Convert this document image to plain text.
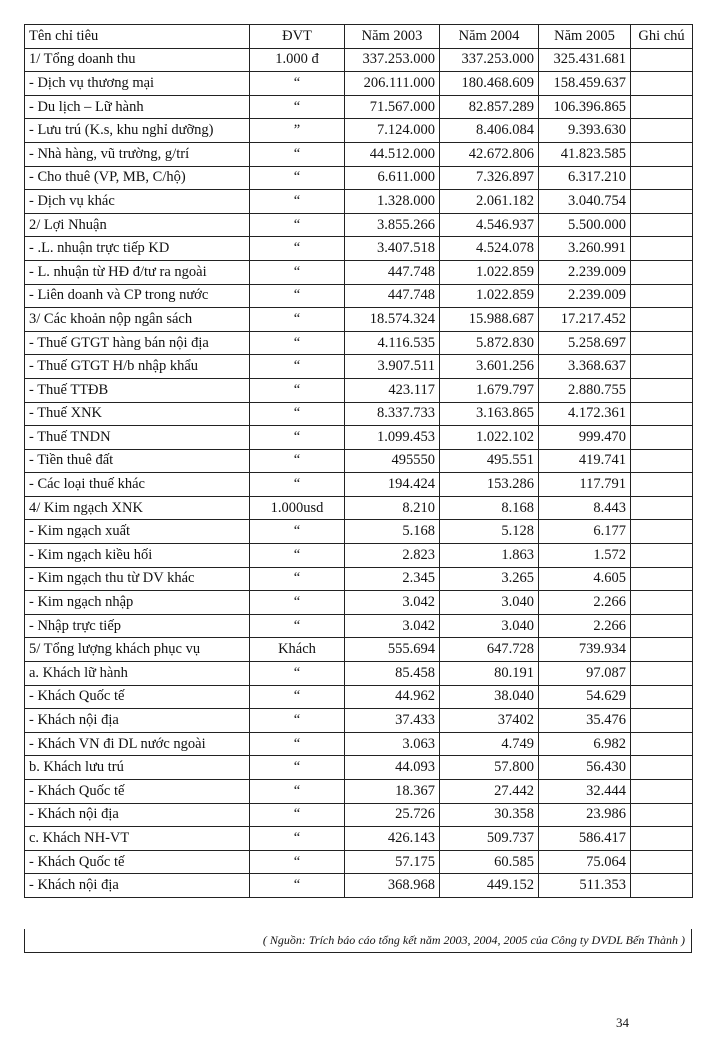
Tên chỉ tiêu	ĐVT	Năm 2003	Năm 2004	Năm 2005	Ghi chú
1/ Tổng doanh thu	1.000 đ	337.253.000	337.253.000	325.431.681	
- Dịch vụ thương mại	“	206.111.000	180.468.609	158.459.637	
- Du lịch – Lữ hành	“	71.567.000	82.857.289	106.396.865	
- Lưu trú (K.s, khu nghỉ dưỡng)	”	7.124.000	8.406.084	9.393.630	
- Nhà hàng, vũ trường, g/trí	“	44.512.000	42.672.806	41.823.585	
- Cho thuê (VP, MB, C/hộ)	“	6.611.000	7.326.897	6.317.210	
- Dịch vụ khác	“	1.328.000	2.061.182	3.040.754	
2/ Lợi Nhuận	“	3.855.266	4.546.937	5.500.000	
- .L. nhuận trực tiếp KD	“	3.407.518	4.524.078	3.260.991	
- L. nhuận từ HĐ đ/tư ra ngoài	“	447.748	1.022.859	2.239.009	
- Liên doanh và CP trong nước	“	447.748	1.022.859	2.239.009	
3/ Các khoản nộp ngân sách	“	18.574.324	15.988.687	17.217.452	
- Thuế GTGT hàng bán nội địa	“	4.116.535	5.872.830	5.258.697	
- Thuế GTGT H/b nhập khẩu	“	3.907.511	3.601.256	3.368.637	
- Thuế TTĐB	“	423.117	1.679.797	2.880.755	
- Thuế XNK	“	8.337.733	3.163.865	4.172.361	
- Thuế TNDN	“	1.099.453	1.022.102	999.470	
- Tiền thuê đất	“	495550	495.551	419.741	
- Các loại thuế khác	“	194.424	153.286	117.791	
4/ Kim ngạch XNK	1.000usd	8.210	8.168	8.443	
- Kim ngạch xuất	“	5.168	5.128	6.177	
- Kim ngạch kiều hối	“	2.823	1.863	1.572	
- Kim ngạch thu từ DV khác	“	2.345	3.265	4.605	
- Kim ngạch nhập	“	3.042	3.040	2.266	
- Nhập trực tiếp	“	3.042	3.040	2.266	
5/ Tổng lượng khách phục vụ	Khách	555.694	647.728	739.934	
a. Khách lữ hành	“	85.458	80.191	97.087	
- Khách Quốc tế	“	44.962	38.040	54.629	
- Khách nội địa	“	37.433	37402	35.476	
- Khách VN đi DL nước ngoài	“	3.063	4.749	6.982	
b. Khách lưu trú	“	44.093	57.800	56.430	
- Khách Quốc tế	“	18.367	27.442	32.444	
- Khách nội địa	“	25.726	30.358	23.986	
c. Khách NH-VT	“	426.143	509.737	586.417	
- Khách Quốc tế	“	57.175	60.585	75.064	
- Khách nội địa	“	368.968	449.152	511.353	
( Nguồn: Trích báo cáo tổng kết năm 2003, 2004, 2005 của Công ty DVDL Bến Thành )
34
